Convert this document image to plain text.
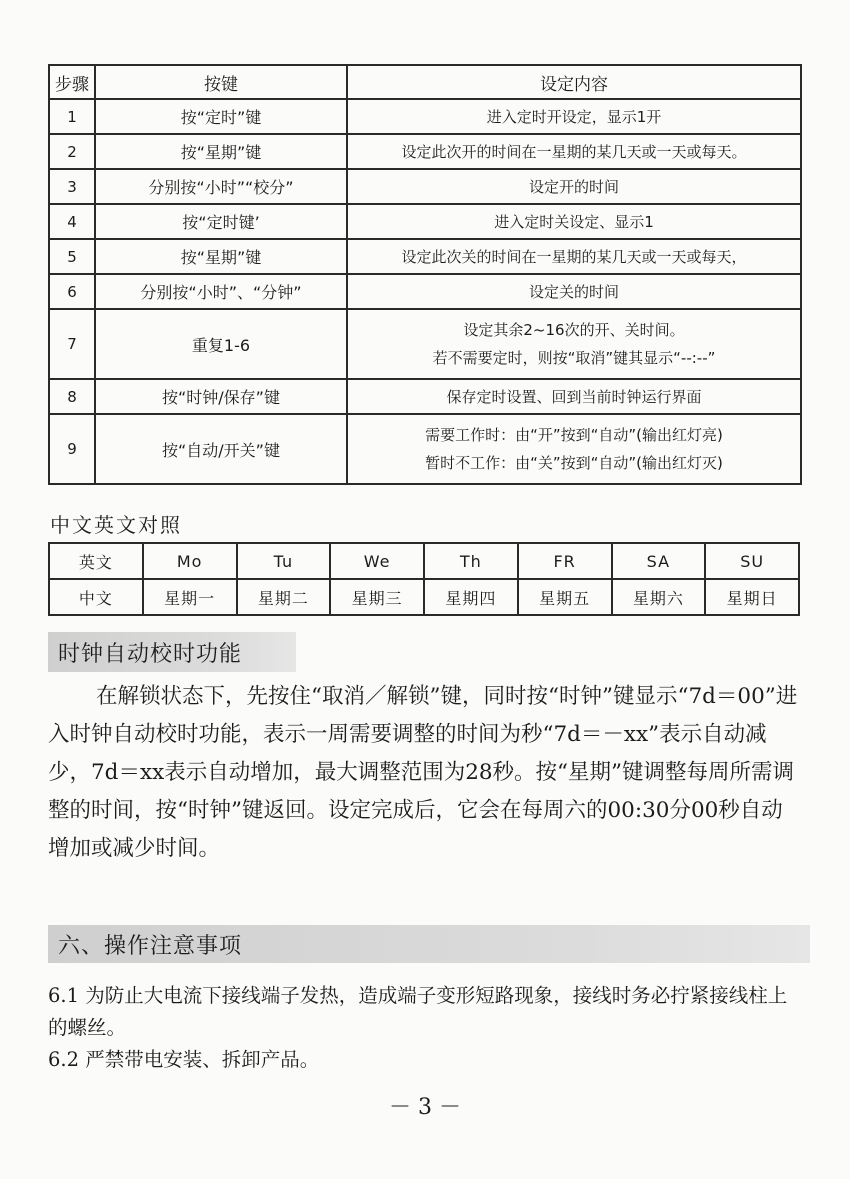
步骤	按键	设定内容
1	按“定时”键	进入定时开设定，显示1开
2	按“星期”键	设定此次开的时间在一星期的某几天或一天或每天。
3	分别按“小时”“校分”	设定开的时间
4	按“定时键’	进入定时关设定、显示1
5	按“星期”键	设定此次关的时间在一星期的某几天或一天或每天，
6	分别按“小时”、“分钟”	设定关的时间
7	重复1-6	设定其余2~16次的开、关时间。
若不需要定时，则按“取消”键其显示“--:--”

8	按“时钟/保存”键	保存定时设置、回到当前时钟运行界面
9	按“自动/开关”键	需要工作时：由“开”按到“自动”(输出红灯亮)
暂时不工作：由“关”按到“自动”(输出红灯灭)
中文英文对照
英文	Mo	Tu	We	Th	FR	SA	SU
中文	星期一	星期二	星期三	星期四	星期五	星期六	星期日
时钟自动校时功能

在解锁状态下，先按住“取消／解锁”键，同时按“时钟”键显示“7d＝00”进入时钟自动校时功能，表示一周需要调整的时间为秒“7d＝－xx”表示自动减少，7d＝xx表示自动增加，最大调整范围为28秒。按“星期”键调整每周所需调整的时间，按“时钟”键返回。设定完成后，它会在每周六的00:30分00秒自动增加或减少时间。

六、操作注意事项

6.1 为防止大电流下接线端子发热，造成端子变形短路现象，接线时务必拧紧接线柱上的螺丝。

6.2 严禁带电安装、拆卸产品。

－ 3 －
